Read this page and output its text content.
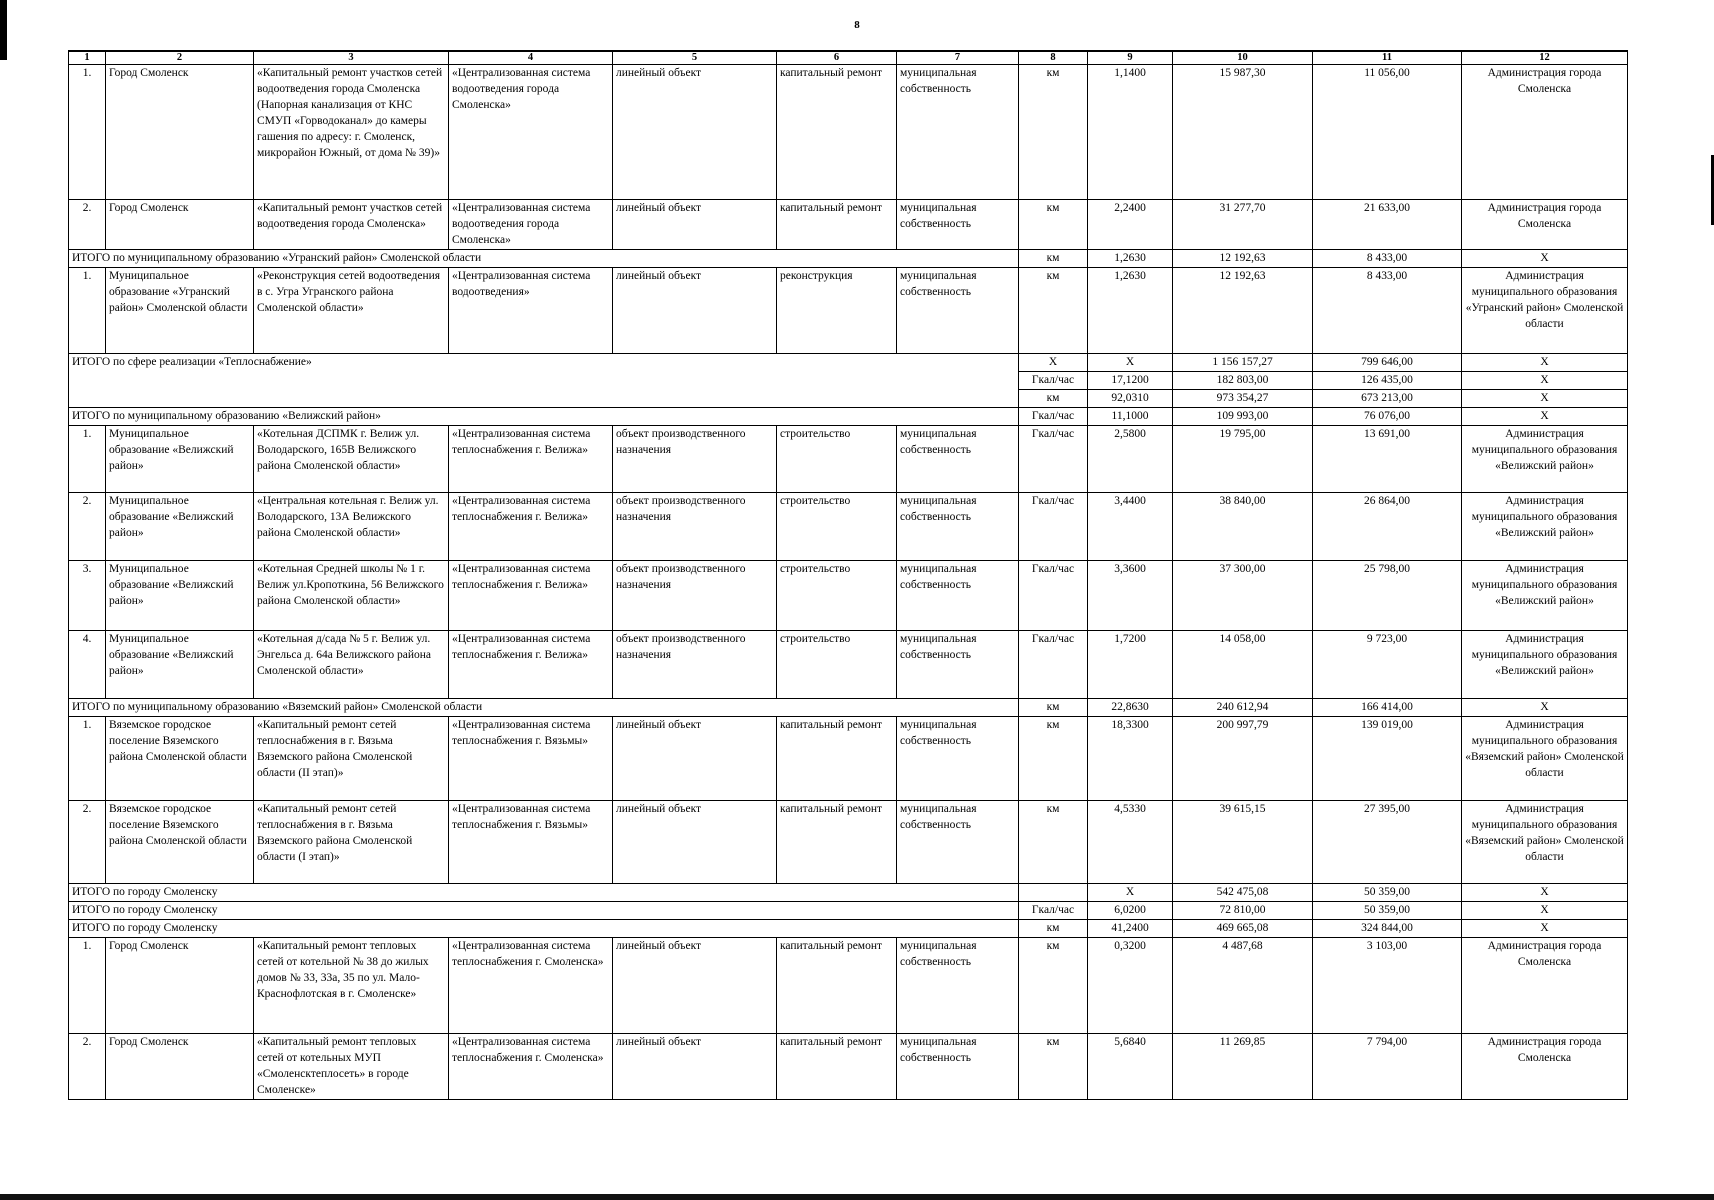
8
1	2	3	4	5	6	7	8	9	10	11	12
1.	Город Смоленск	«Капитальный ремонт участков сетей водоотведения города Смоленска (Напорная канализация от КНС СМУП «Горводоканал» до камеры гашения по адресу: г. Смоленск, микрорайон Южный, от дома № 39)»	«Централизованная система водоотведения города Смоленска»	линейный объект	капитальный ремонт	муниципальная собственность	км	1,1400	15 987,30	11 056,00	Администрация города Смоленска
2.	Город Смоленск	«Капитальный ремонт участков сетей водоотведения города Смоленска»	«Централизованная система водоотведения города Смоленска»	линейный объект	капитальный ремонт	муниципальная собственность	км	2,2400	31 277,70	21 633,00	Администрация города Смоленска
ИТОГО по муниципальному образованию «Угранский район» Смоленской области							км	1,2630	12 192,63	8 433,00	X
1.	Муниципальное образование «Угранский район» Смоленской области	«Реконструкция сетей водоотведения в с. Угра Угранского района Смоленской области»	«Централизованная система водоотведения»	линейный объект	реконструкция	муниципальная собственность	км	1,2630	12 192,63	8 433,00	Администрация муниципального образования «Угранский район» Смоленской области
ИТОГО по сфере реализации «Теплоснабжение»							X	X	1 156 157,27	799 646,00	X
							Гкал/час	17,1200	182 803,00	126 435,00	X
							км	92,0310	973 354,27	673 213,00	X
ИТОГО по муниципальному образованию «Велижский район»							Гкал/час	11,1000	109 993,00	76 076,00	X
1.	Муниципальное образование «Велижский район»	«Котельная ДСПМК г. Велиж ул. Володарского, 165В Велижского района Смоленской области»	«Централизованная система теплоснабжения г. Велижа»	объект производственного назначения	строительство	муниципальная собственность	Гкал/час	2,5800	19 795,00	13 691,00	Администрация муниципального образования «Велижский район»
2.	Муниципальное образование «Велижский район»	«Центральная котельная г. Велиж ул. Володарского, 13А Велижского района Смоленской области»	«Централизованная система теплоснабжения г. Велижа»	объект производственного назначения	строительство	муниципальная собственность	Гкал/час	3,4400	38 840,00	26 864,00	Администрация муниципального образования «Велижский район»
3.	Муниципальное образование «Велижский район»	«Котельная Средней школы № 1 г. Велиж ул.Кропоткина, 56 Велижского района Смоленской области»	«Централизованная система теплоснабжения г. Велижа»	объект производственного назначения	строительство	муниципальная собственность	Гкал/час	3,3600	37 300,00	25 798,00	Администрация муниципального образования «Велижский район»
4.	Муниципальное образование «Велижский район»	«Котельная д/сада № 5 г. Велиж ул. Энгельса д. 64а Велижского района Смоленской области»	«Централизованная система теплоснабжения г. Велижа»	объект производственного назначения	строительство	муниципальная собственность	Гкал/час	1,7200	14 058,00	9 723,00	Администрация муниципального образования «Велижский район»
ИТОГО по муниципальному образованию «Вяземский район» Смоленской области							км	22,8630	240 612,94	166 414,00	X
1.	Вяземское городское поселение Вяземского района Смоленской области	«Капитальный ремонт сетей теплоснабжения в г. Вязьма Вяземского района Смоленской области (II этап)»	«Централизованная система теплоснабжения г. Вязьмы»	линейный объект	капитальный ремонт	муниципальная собственность	км	18,3300	200 997,79	139 019,00	Администрация муниципального образования «Вяземский район» Смоленской области
2.	Вяземское городское поселение Вяземского района Смоленской области	«Капитальный ремонт сетей теплоснабжения в г. Вязьма Вяземского района Смоленской области (I этап)»	«Централизованная система теплоснабжения г. Вязьмы»	линейный объект	капитальный ремонт	муниципальная собственность	км	4,5330	39 615,15	27 395,00	Администрация муниципального образования «Вяземский район» Смоленской области
ИТОГО по городу Смоленску								X	542 475,08	50 359,00	X
ИТОГО по городу Смоленску							Гкал/час	6,0200	72 810,00	50 359,00	X
ИТОГО по городу Смоленску							км	41,2400	469 665,08	324 844,00	X
1.	Город Смоленск	«Капитальный ремонт тепловых сетей от котельной № 38 до жилых домов № 33, 33а, 35 по ул. Мало-Краснофлотская в г. Смоленске»	«Централизованная система теплоснабжения г. Смоленска»	линейный объект	капитальный ремонт	муниципальная собственность	км	0,3200	4 487,68	3 103,00	Администрация города Смоленска
2.	Город Смоленск	«Капитальный ремонт тепловых сетей от котельных МУП «Смоленсктеплосеть» в городе Смоленске»	«Централизованная система теплоснабжения г. Смоленска»	линейный объект	капитальный ремонт	муниципальная собственность	км	5,6840	11 269,85	7 794,00	Администрация города Смоленска
